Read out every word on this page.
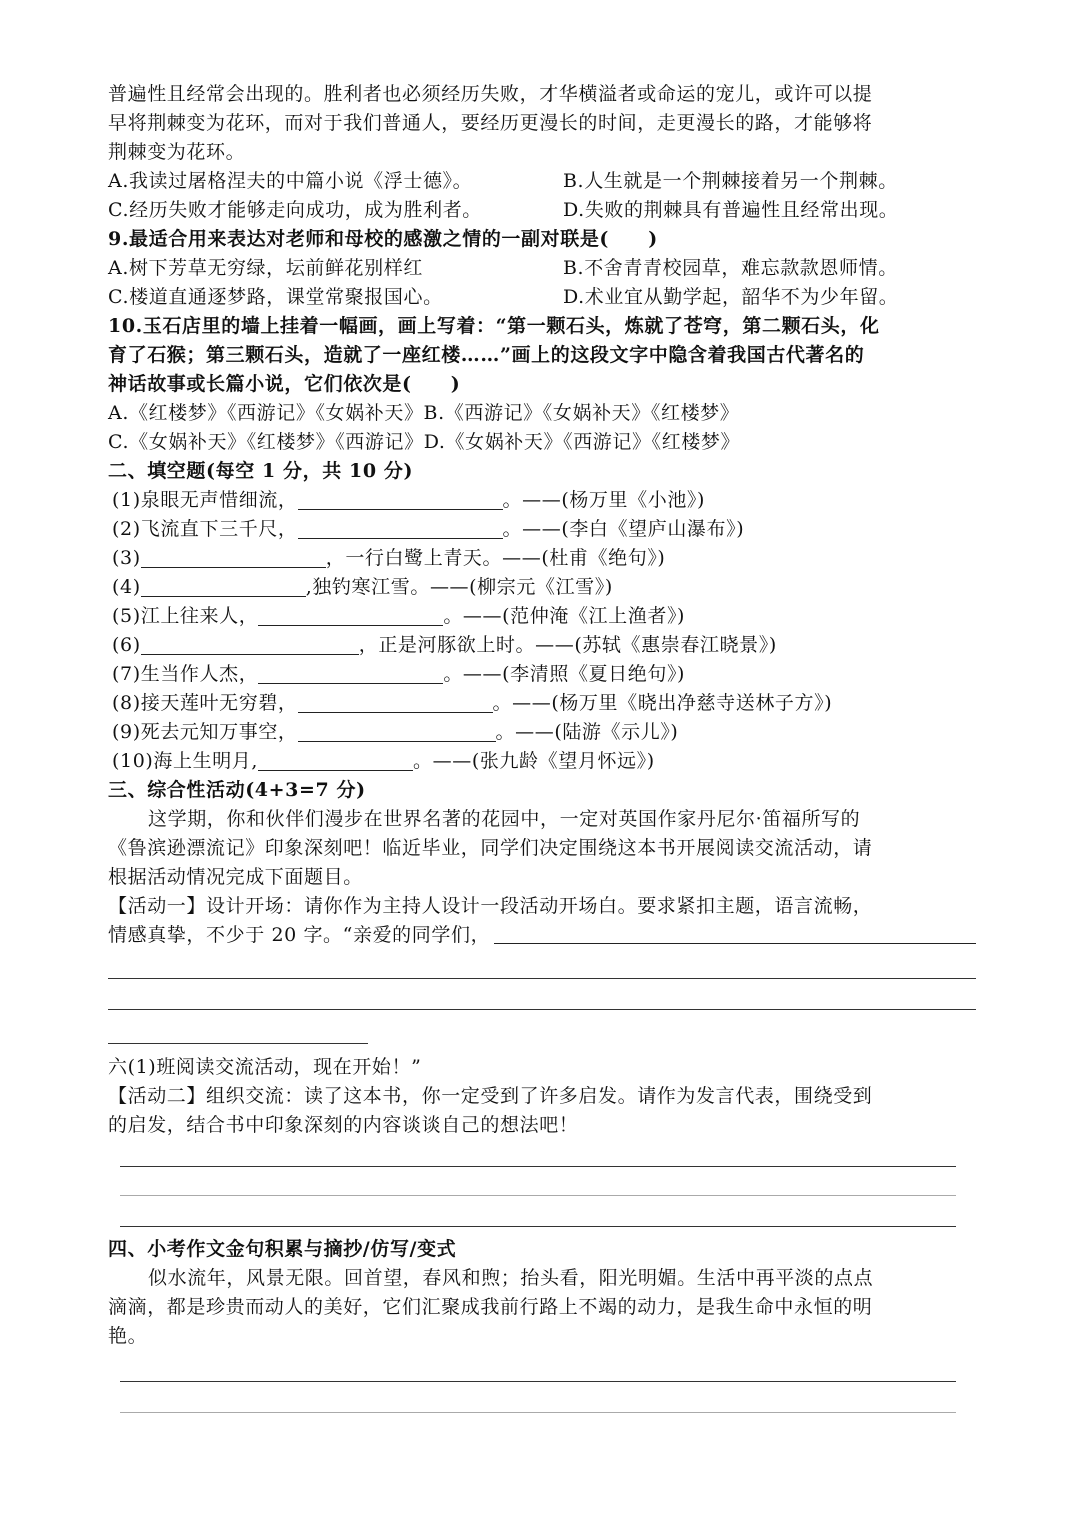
普遍性且经常会出现的。胜利者也必须经历失败，才华横溢者或命运的宠儿，或许可以提
早将荆棘变为花环，而对于我们普通人，要经历更漫长的时间，走更漫长的路，才能够将
荆棘变为花环。
A.我读过屠格涅夫的中篇小说《浮士德》。	B.人生就是一个荆棘接着另一个荆棘。
C.经历失败才能够走向成功，成为胜利者。	D.失败的荆棘具有普遍性且经常出现。
9.最适合用来表达对老师和母校的感激之情的一副对联是(　　)
A.树下芳草无穷绿，坛前鲜花别样红	B.不舍青青校园草，难忘款款恩师情。
C.楼道直通逐梦路，课堂常聚报国心。	D.术业宜从勤学起，韶华不为少年留。
10.玉石店里的墙上挂着一幅画，画上写着：“第一颗石头，炼就了苍穹，第二颗石头，化
育了石猴；第三颗石头，造就了一座红楼……”画上的这段文字中隐含着我国古代著名的
神话故事或长篇小说，它们依次是(　　)
A.《红楼梦》《西游记》《女娲补天》B.《西游记》《女娲补天》《红楼梦》
C.《女娲补天》《红楼梦》《西游记》D.《女娲补天》《西游记》《红楼梦》
二、填空题(每空 1 分，共 10 分)
(1)泉眼无声惜细流，	。——(杨万里《小池》)
(2)飞流直下三千尺，	。——(李白《望庐山瀑布》)
(3)	，一行白鹭上青天。——(杜甫《绝句》)
(4)	,独钓寒江雪。——(柳宗元《江雪》)
(5)江上往来人，	。——(范仲淹《江上渔者》)
(6)	，正是河豚欲上时。——(苏轼《惠崇春江晓景》)
(7)生当作人杰，	。——(李清照《夏日绝句》)
(8)接天莲叶无穷碧，	。——(杨万里《晓出净慈寺送林子方》)
(9)死去元知万事空，	。——(陆游《示儿》)
(10)海上生明月,	。——(张九龄《望月怀远》)
三、综合性活动(4+3=7 分)
这学期，你和伙伴们漫步在世界名著的花园中，一定对英国作家丹尼尔·笛福所写的
《鲁滨逊漂流记》印象深刻吧！临近毕业，同学们决定围绕这本书开展阅读交流活动，请
根据活动情况完成下面题目。
【活动一】设计开场：请你作为主持人设计一段活动开场白。要求紧扣主题，语言流畅，
情感真挚，不少于 20 字。“亲爱的同学们，
六(1)班阅读交流活动，现在开始！”
【活动二】组织交流：读了这本书，你一定受到了许多启发。请作为发言代表，围绕受到
的启发，结合书中印象深刻的内容谈谈自己的想法吧！
四、小考作文金句积累与摘抄/仿写/变式
似水流年，风景无限。回首望，春风和煦；抬头看，阳光明媚。生活中再平淡的点点
滴滴，都是珍贵而动人的美好，它们汇聚成我前行路上不竭的动力，是我生命中永恒的明
艳。
